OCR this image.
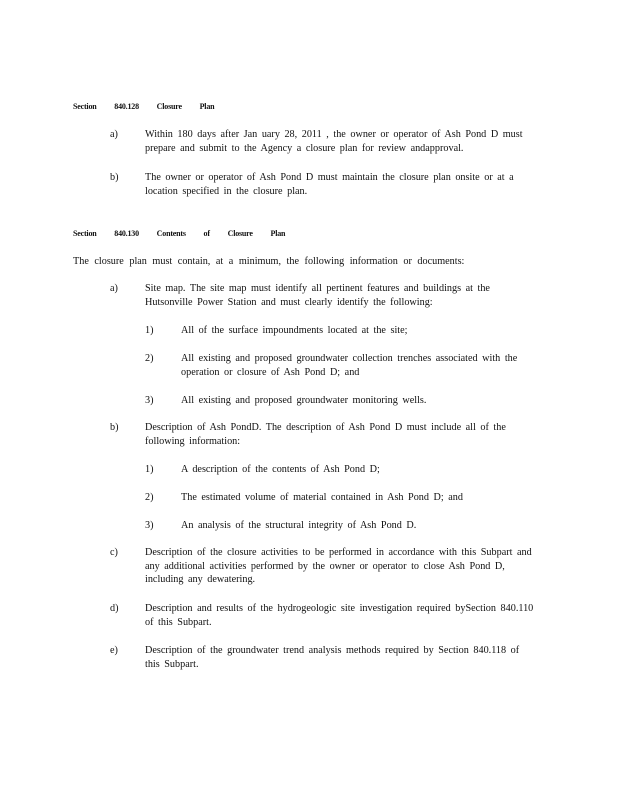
Section 840.128 Closure Plan
a)	Within 180 days after Jan uary 28, 2011 , the owner or operator of Ash Pond D must prepare and submit to the Agency a closure plan for review andapproval.
b)	The owner or operator of Ash Pond D must maintain the closure plan onsite or at a location specified in the closure plan.
Section 840.130 Contents of Closure Plan
The closure plan must contain, at a minimum, the following information or documents:
a)	Site map. The site map must identify all pertinent features and buildings at the Hutsonville Power Station and must clearly identify the following:
1)	All of the surface impoundments located at the site;
2)	All existing and proposed groundwater collection trenches associated with the operation or closure of Ash Pond D; and
3)	All existing and proposed groundwater monitoring wells.
b)	Description of Ash PondD. The description of Ash Pond D must include all of the following information:
1)	A description of the contents of Ash Pond D;
2)	The estimated volume of material contained in Ash Pond D; and
3)	An analysis of the structural integrity of Ash Pond D.
c)	Description of the closure activities to be performed in accordance with this Subpart and any additional activities performed by the owner or operator to close Ash Pond D, including any dewatering.
d)	Description and results of the hydrogeologic site investigation required bySection 840.110 of this Subpart.
e)	Description of the groundwater trend analysis methods required by Section 840.118 of this Subpart.
